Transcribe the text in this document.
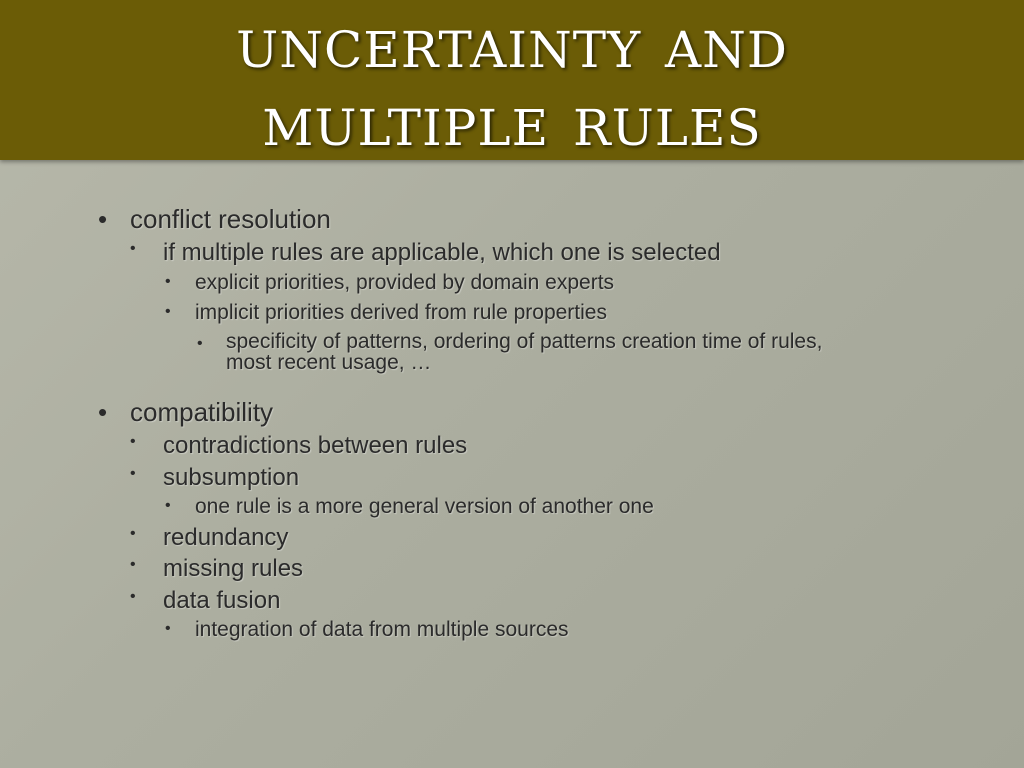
uncertainty and
multiple rules
• conflict resolution
• if multiple rules are applicable, which one is selected
• explicit priorities, provided by domain experts
• implicit priorities derived from rule properties
• specificity of patterns, ordering of patterns creation time of rules,
most recent usage, …
• compatibility
• contradictions between rules
• subsumption
• one rule is a more general version of another one
• redundancy
• missing rules
• data fusion
• integration of data from multiple sources
